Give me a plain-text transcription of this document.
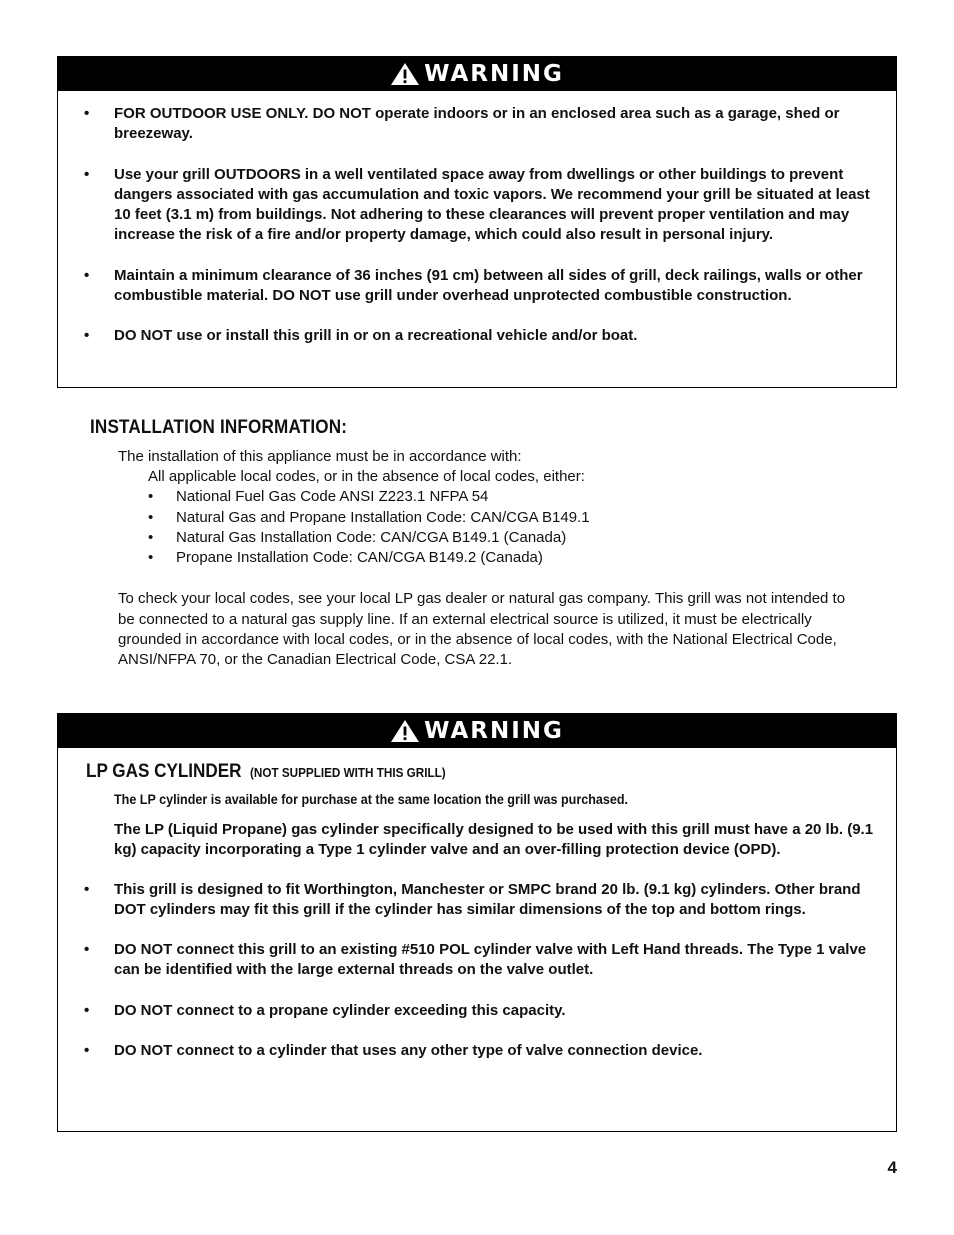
WARNING
• FOR OUTDOOR USE ONLY. DO NOT operate indoors or in an enclosed area such as a garage, shed or breezeway.
• Use your grill OUTDOORS in a well ventilated space away from dwellings or other buildings to prevent dangers associated with gas accumulation and toxic vapors. We recommend your grill be situated at least 10 feet (3.1 m) from buildings. Not adhering to these clearances will prevent proper ventilation and may increase the risk of a fire and/or property damage, which could also result in personal injury.
• Maintain a minimum clearance of 36 inches (91 cm) between all sides of grill, deck railings, walls or other combustible material. DO NOT use grill under overhead unprotected combustible construction.
• DO NOT use or install this grill in or on a recreational vehicle and/or boat.
INSTALLATION INFORMATION:
The installation of this appliance must be in accordance with:
All applicable local codes, or in the absence of local codes, either:
• National Fuel Gas Code ANSI Z223.1 NFPA 54
• Natural Gas and Propane Installation Code: CAN/CGA B149.1
• Natural Gas Installation Code: CAN/CGA B149.1 (Canada)
• Propane Installation Code: CAN/CGA B149.2 (Canada)

To check your local codes, see your local LP gas dealer or natural gas company. This grill was not intended to be connected to a natural gas supply line. If an external electrical source is utilized, it must be electrically grounded in accordance with local codes, or in the absence of local codes, with the National Electrical Code, ANSI/NFPA 70, or the Canadian Electrical Code, CSA 22.1.

WARNING
LP GAS CYLINDER (NOT SUPPLIED WITH THIS GRILL)
The LP cylinder is available for purchase at the same location the grill was purchased.
The LP (Liquid Propane) gas cylinder specifically designed to be used with this grill must have a 20 lb. (9.1 kg) capacity incorporating a Type 1 cylinder valve and an over-filling protection device (OPD).
• This grill is designed to fit Worthington, Manchester or SMPC brand 20 lb. (9.1 kg) cylinders. Other brand DOT cylinders may fit this grill if the cylinder has similar dimensions of the top and bottom rings.
• DO NOT connect this grill to an existing #510 POL cylinder valve with Left Hand threads. The Type 1 valve can be identified with the large external threads on the valve outlet.
• DO NOT connect to a propane cylinder exceeding this capacity.
• DO NOT connect to a cylinder that uses any other type of valve connection device.
4
